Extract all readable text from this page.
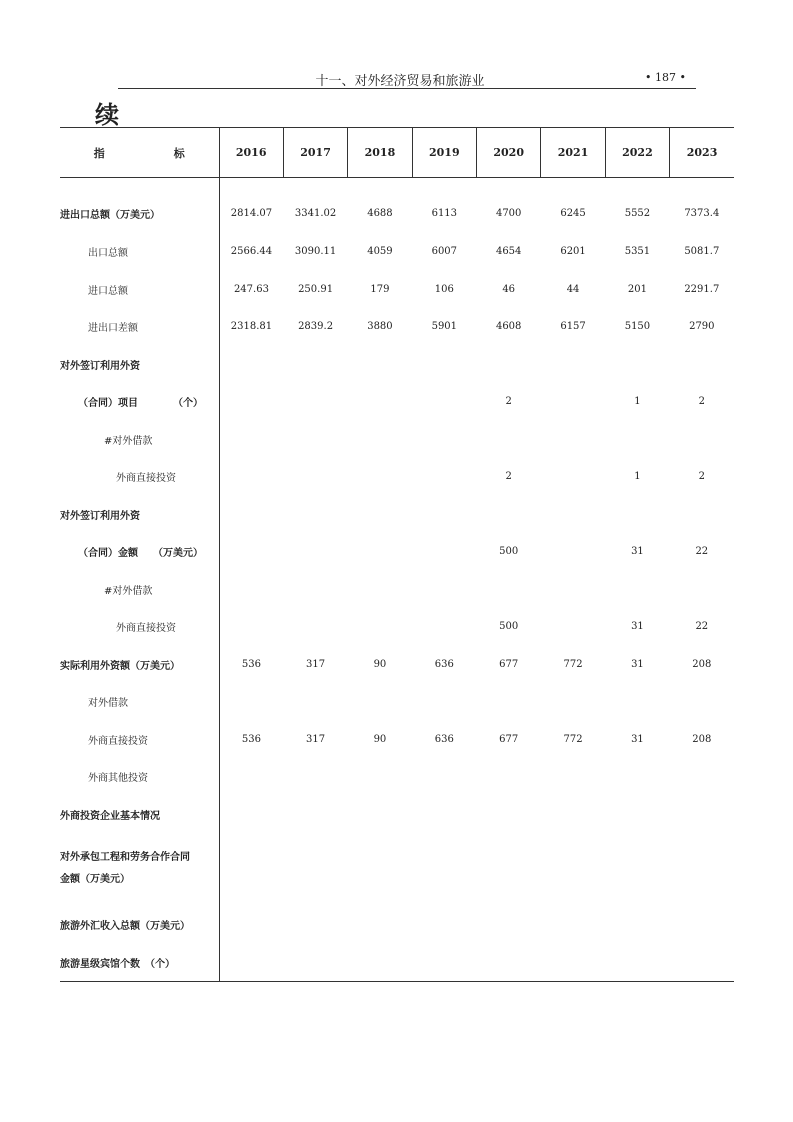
十一、对外经济贸易和旅游业	• 187 •
续
指 标	2016	2017	2018	2019	2020	2021	2022	2023

进出口总额（万美元）	2814.07	3341.02	4688	6113	4700	6245	5552	7373.4
出口总额	2566.44	3090.11	4059	6007	4654	6201	5351	5081.7
进口总额	247.63	250.91	179	106	46	44	201	2291.7
进出口差额	2318.81	2839.2	3880	5901	4608	6157	5150	2790
对外签订利用外资								
（合同）项目　　　　（个）					2		1	2
#对外借款								
外商直接投资					2		1	2
对外签订利用外资								
（合同）金额　　（万美元）					500		31	22
#对外借款								
外商直接投资					500		31	22
实际利用外资额（万美元）	536	317	90	636	677	772	31	208
对外借款								
外商直接投资	536	317	90	636	677	772	31	208
外商其他投资								
外商投资企业基本情况								

对外承包工程和劳务合作合同
金额（万美元）								

旅游外汇收入总额（万美元）								
旅游星级宾馆个数　（个）								
